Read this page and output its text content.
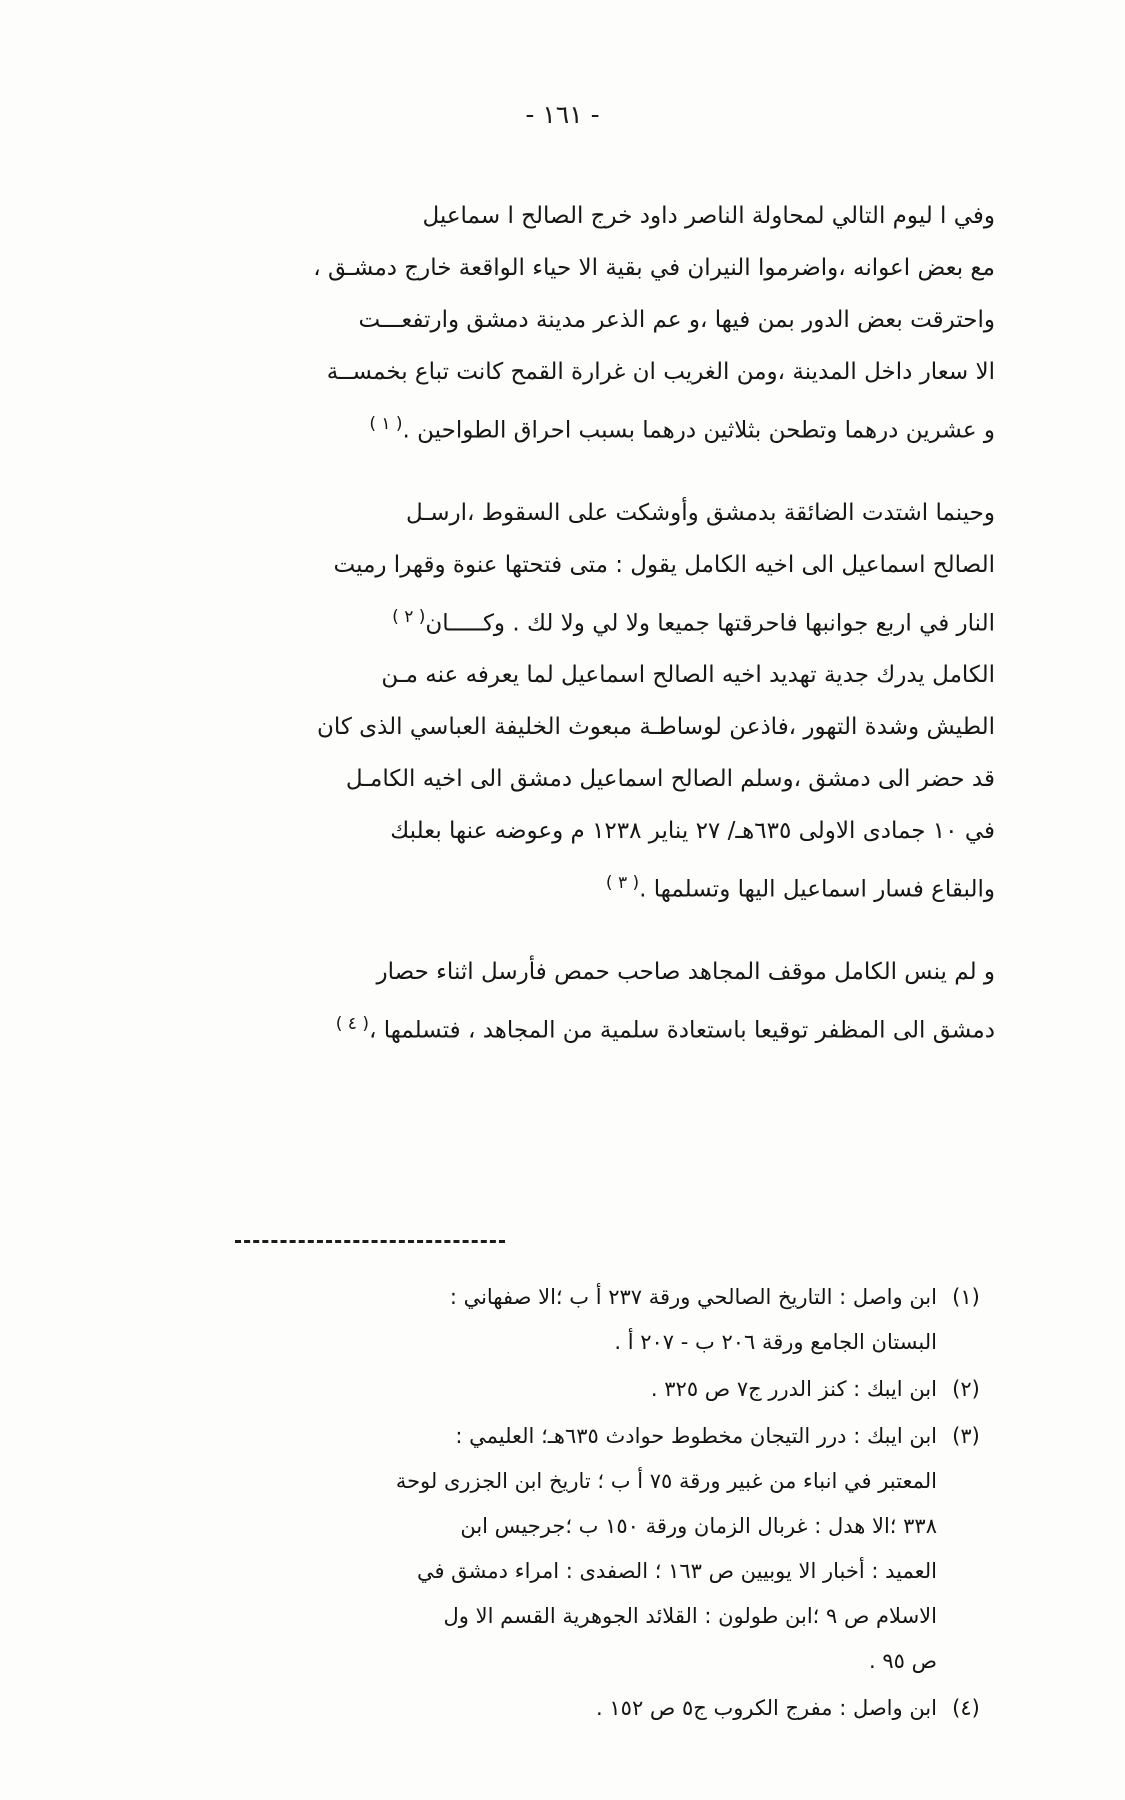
- ١٦١ -
وفي ا ليوم التالي لمحاولة الناصر داود خرج الصالح ا سماعيل
مع بعض اعوانه ،واضرموا النيران في بقية الا حياء الواقعة خارج دمشـق ،
واحترقت بعض الدور بمن فيها ،و عم الذعر مدينة دمشق وارتفعـــت
الا سعار داخل المدينة ،ومن الغريب ان غرارة القمح كانت تباع بخمســة
و عشرين درهما وتطحن بثلاثين درهما بسبب احراق الطواحين .$^{( ١ )}$
وحينما اشتدت الضائقة بدمشق وأوشكت على السقوط ،ارسـل
الصالح اسماعيل الى اخيه الكامل يقول : متى فتحتها عنوة وقهرا رميت
النار في اربع جوانبها فاحرقتها جميعا ولا لي ولا لك . وكـــــان$^{( ٢ )}$
الكامل يدرك جدية تهديد اخيه الصالح اسماعيل لما يعرفه عنه مـن
الطيش وشدة التهور ،فاذعن لوساطـة مبعوث الخليفة العباسي الذى كان
قد حضر الى دمشق ،وسلم الصالح اسماعيل دمشق الى اخيه الكامـل
في ١٠ جمادى الاولى ٦٣٥هـ/ ٢٧ يناير ١٢٣٨ م وعوضه عنها بعلبك
والبقاع فسار اسماعيل اليها وتسلمها .$^{( ٣ )}$
و لم ينس الكامل موقف المجاهد صاحب حمص فأرسل اثناء حصار
دمشق الى المظفر توقيعا باستعادة سلمية من المجاهد ، فتسلمها ،$^{( ٤ )}$
(١)
ابن واصل : التاريخ الصالحي ورقة ٢٣٧ أ ب ؛الا صفهاني :
البستان الجامع ورقة ٢٠٦ ب - ٢٠٧ أ .
(٢)
ابن ايبك : كنز الدرر ج٧ ص ٣٢٥ .
(٣)
ابن ايبك : درر التيجان مخطوط حوادث ٦٣٥هـ؛ العليمي :
المعتبر في انباء من غبير ورقة ٧٥ أ ب ؛ تاريخ ابن الجزرى لوحة
٣٣٨ ؛الا هدل : غربال الزمان ورقة ١٥٠ ب ؛جرجيس ابن
العميد : أخبار الا يوبيين ص ١٦٣ ؛ الصفدى : امراء دمشق في
الاسلام ص ٩ ؛ابن طولون : القلائد الجوهرية القسم الا ول
ص ٩٥ .
(٤)
ابن واصل : مفرج الكروب ج٥ ص ١٥٢ .
